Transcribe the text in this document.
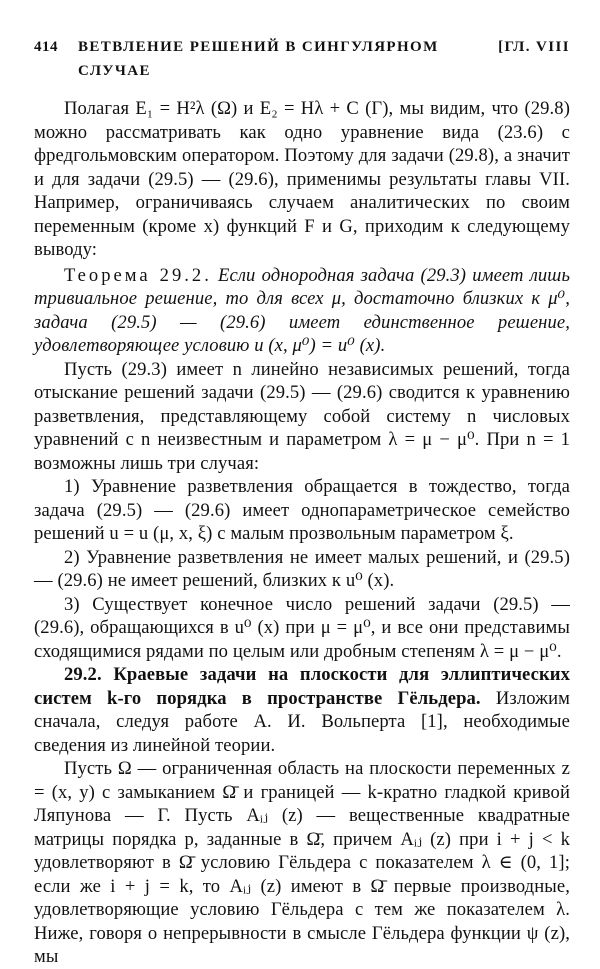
414 ВЕТВЛЕНИЕ РЕШЕНИЙ В СИНГУЛЯРНОМ СЛУЧАЕ
[ГЛ. VIII

Полагая E₁ = H²λ (Ω) и E₂ = Hλ + C (Γ), мы видим, что (29.8) можно рассматривать как одно уравнение вида (23.6) с фредгольмовским оператором. Поэтому для задачи (29.8), а значит и для задачи (29.5) — (29.6), применимы результаты главы VII. Например, ограничиваясь случаем аналитических по своим переменным (кроме x) функций F и G, приходим к следующему выводу:

Теорема 29.2. Если однородная задача (29.3) имеет лишь тривиальное решение, то для всех μ, достаточно близких к μ⁰, задача (29.5) — (29.6) имеет единственное решение, удовлетворяющее условию u (x, μ⁰) = u⁰ (x).

Пусть (29.3) имеет n линейно независимых решений, тогда отыскание решений задачи (29.5) — (29.6) сводится к уравнению разветвления, представляющему собой систему n числовых уравнений с n неизвестным и параметром λ = μ − μ⁰. При n = 1 возможны лишь три случая:

1) Уравнение разветвления обращается в тождество, тогда задача (29.5) — (29.6) имеет однопараметрическое семейство решений u = u (μ, x, ξ) с малым прозвольным параметром ξ.

2) Уравнение разветвления не имеет малых решений, и (29.5) — (29.6) не имеет решений, близких к u⁰ (x).

3) Существует конечное число решений задачи (29.5) — (29.6), обращающихся в u⁰ (x) при μ = μ⁰, и все они представимы сходящимися рядами по целым или дробным степеням λ = μ − μ⁰.

29.2. Краевые задачи на плоскости для эллиптических систем k-го порядка в пространстве Гёльдера. Изложим сначала, следуя работе А. И. Вольперта [1], необходимые сведения из линейной теории.

Пусть Ω — ограниченная область на плоскости переменных z = (x, y) с замыканием Ω̄ и границей — k-кратно гладкой кривой Ляпунова — Γ. Пусть Aᵢⱼ (z) — вещественные квадратные матрицы порядка p, заданные в Ω̄, причем Aᵢⱼ (z) при i + j < k удовлетворяют в Ω̄ условию Гёльдера с показателем λ ∈ (0, 1]; если же i + j = k, то Aᵢⱼ (z) имеют в Ω̄ первые производные, удовлетворяющие условию Гёльдера с тем же показателем λ. Ниже, говоря о непрерывности в смысле Гёльдера функции ψ (z), мы
